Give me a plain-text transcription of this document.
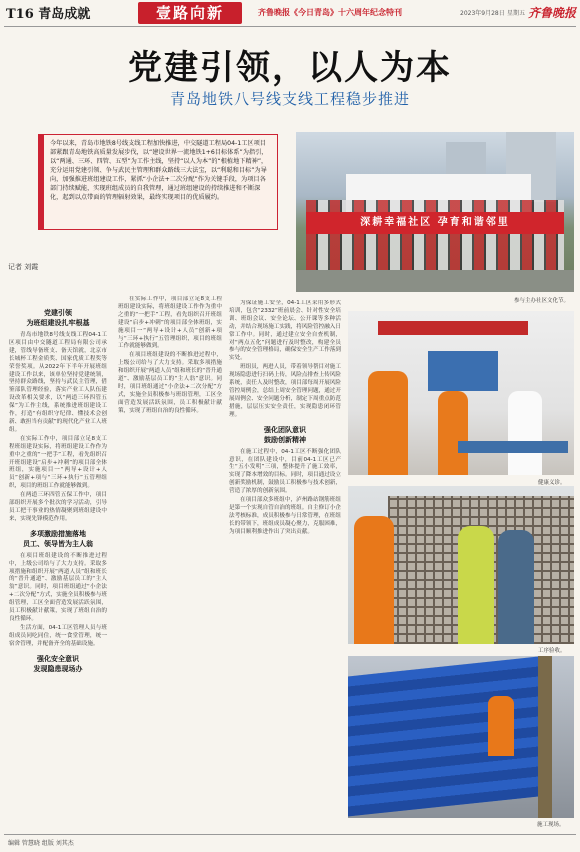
T16 青岛成就	壹路向新	齐鲁晚报《今日青岛》十六周年纪念特刊	2023年9月28日 星期五 齐鲁晚报
党建引领，以人为本
青岛地铁八号线支线工程稳步推进
今年以来，青岛市地铁8号线支线工程加快推进，中交隧道工程局04-1工区项目部紧跟青岛地铁高质量发展步伐，以“建设世界一流地铁1+6目标体系”为指引，以“两通、三环、四管、五型”为工作主线，坚持“以人为本”的“根植地下精神”，充分运用党建引领、争与武民主管理和群众路线三大法宝，以“利聪和目标”为导向，加强推进班组建设工作，紧抓“小企法+二次分配”作为关键手段，为项目各部门持续赋能，实现班组成员的自我管理，通过班组建设的持续推进和不断深化，起到以点带面的管理辐射效果，最终实现项目的优质履约。
记者 刘霞
深耕幸福社区 孕育和谐邻里
参与主办社区文化节。
健康义诊。
工序验收。
施工现场。
党建引领
为班组建设扎牢根基

青岛市地铁8号线支线工程04-1工区项目由中交隧道工程局有限公司承建，管线导备班支、备天馆就，北京市长城杯工程金质奖、国家优质工程奖等荣誉奖项。从2022年下半年开展班组建设工作以来，该单位坚持党建统领，坚持群众路线，坚持与武民主管理，借鉴部队管理经验，落实产业工人队伍建设改革相关要求，以“两道三环四管五保”为工作主线，系统推进班组建设工作，打造“有组织守纪律、懂技术会创新、敢担当有贡献”的现代化产业工人班组。

在实际工作中，项目部立足8支工程班组建设实际，将班组建设工作作为重中之重的“一把手”工程，看先组织召开班组建设“启步+冲刺”的项目部全体班组，实施项目一“两导+设计+人员”创新+项与“三环+执行”五管理组织，项目的班组工作就能够做到。

在两道三环四管五保工作中，项目部组织开展多个批次的学习活动，引导员工把干事业的热情凝聚到班组建设中来，实现先锋模范作用。

多项激励措施落地
员工、领导皆为主人翁

在项目班组建设的不断推进过程中，上级公司给与了大力支持。采取多项措施和组织开展“两道人员”组和班长的“晋升通道”、激励基层员工的“主人翁”意识。同时，项目班组通过“小企法+二次分配”方式，实施全员积极参与班组管理，工区全面营造发展活跃氛围，员工积极献计献策，实现了班组自治的良性循环。

生活方面，04-1工区管理人员与班组成员同吃同住，统一食堂管理，统一宿舍管理，并配备齐全的基础设施。

强化安全意识
发现隐患现场办

在实际工作中，项目部立足8支工程班组建设实际，将班组建设工作作为重中之重的“一把手”工程，看先组织召开班组建设“启步+冲刺”的项目部全体班组，实施项目一“两导+设计+人员”创新+项与“三环+执行”五管理组织，项目的班组工作就能够做到。

在项目班组建设的不断推进过程中，上级公司给与了大力支持。采取多项措施和组织开展“两道人员”组和班长的“晋升通道”、激励基层员工的“主人翁”意识。同时，项目班组通过“小企法+二次分配”方式，实施全员积极参与班组管理，工区全面营造发展活跃氛围，员工积极献计献策，实现了班组自治的良性循环。

为保证施工安全，04-1工区采用多形式培训，包含“2332”班前晨会、针对性安全培训、班组会议、安全论坛、公开课等多种活动，并结合现场施工实践，将风险管控融入日常工作中。同时，通过建立安全自查机制，对“两点五化”问题进行及时整改，构建全员参与的安全管理格局，确保安全生产工作落到实处。

班组员，两进人员，带着领导帮目对施工现场隐患进行扫码上传，风险点排查上传风险系统，责任人及时整改，项目部每周开展风险管控周例会，总结上周安全管理问题，通过开展周例会、安全问题分析，制定下周重点防范措施，层层压实安全责任，实现隐患闭环管理。

强化团队意识
鼓励创新精神

在施工过程中，04-1工区不断强化团队意识，在团队建设中，目前04-1工区已产生“五小发明”三项，整体提升了施工效率，实现了降本增效的目标。同时，项目通过设立创新奖励机制，鼓励员工积极参与技术创新，营造了浓厚的创新氛围。

在项目部众多班组中，泸州路站钢筋班组是第一个实现自管自治的班组。自主修订小企法考核标准，成员积极参与日常管理，在班组长的带领下，班组成员凝心聚力，克服困难，为项目顺利推进作出了突出贡献。

编辑 管慧晓 组版 刘其杰
